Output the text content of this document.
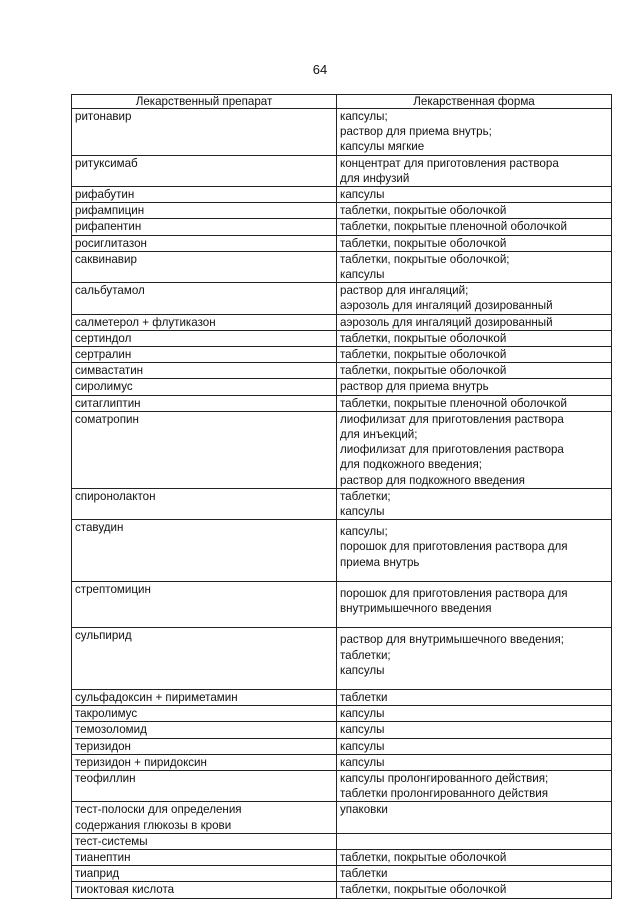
64
Лекарственный препарат	Лекарственная форма

ритонавир	капсулы;
раствор для приема внутрь;
капсулы мягкие

ритуксимаб	концентрат для приготовления раствора
для инфузий

рифабутин	капсулы

рифампицин	таблетки, покрытые оболочкой

рифапентин	таблетки, покрытые пленочной оболочкой

росиглитазон	таблетки, покрытые оболочкой

саквинавир	таблетки, покрытые оболочкой;
капсулы

сальбутамол	раствор для ингаляций;
аэрозоль для ингаляций дозированный

салметерол + флутиказон	аэрозоль для ингаляций дозированный

сертиндол	таблетки, покрытые оболочкой

сертралин	таблетки, покрытые оболочкой

симвастатин	таблетки, покрытые оболочкой

сиролимус	раствор для приема внутрь

ситаглиптин	таблетки, покрытые пленочной оболочкой

соматропин	лиофилизат для приготовления раствора
для инъекций;
лиофилизат для приготовления раствора
для подкожного введения;
раствор для подкожного введения

спиронолактон	таблетки;
капсулы

ставудин	капсулы;
порошок для приготовления раствора для
приема внутрь

стрептомицин	порошок для приготовления раствора для
внутримышечного введения

сульпирид	раствор для внутримышечного введения;
таблетки;
капсулы

сульфадоксин + пириметамин	таблетки

такролимус	капсулы

темозоломид	капсулы

теризидон	капсулы

теризидон + пиридоксин	капсулы

теофиллин	капсулы пролонгированного действия;
таблетки пролонгированного действия

тест-полоски для определения
содержания глюкозы в крови	упаковки

тест-системы	

тианептин	таблетки, покрытые оболочкой

тиаприд	таблетки

тиоктовая кислота	таблетки, покрытые оболочкой
